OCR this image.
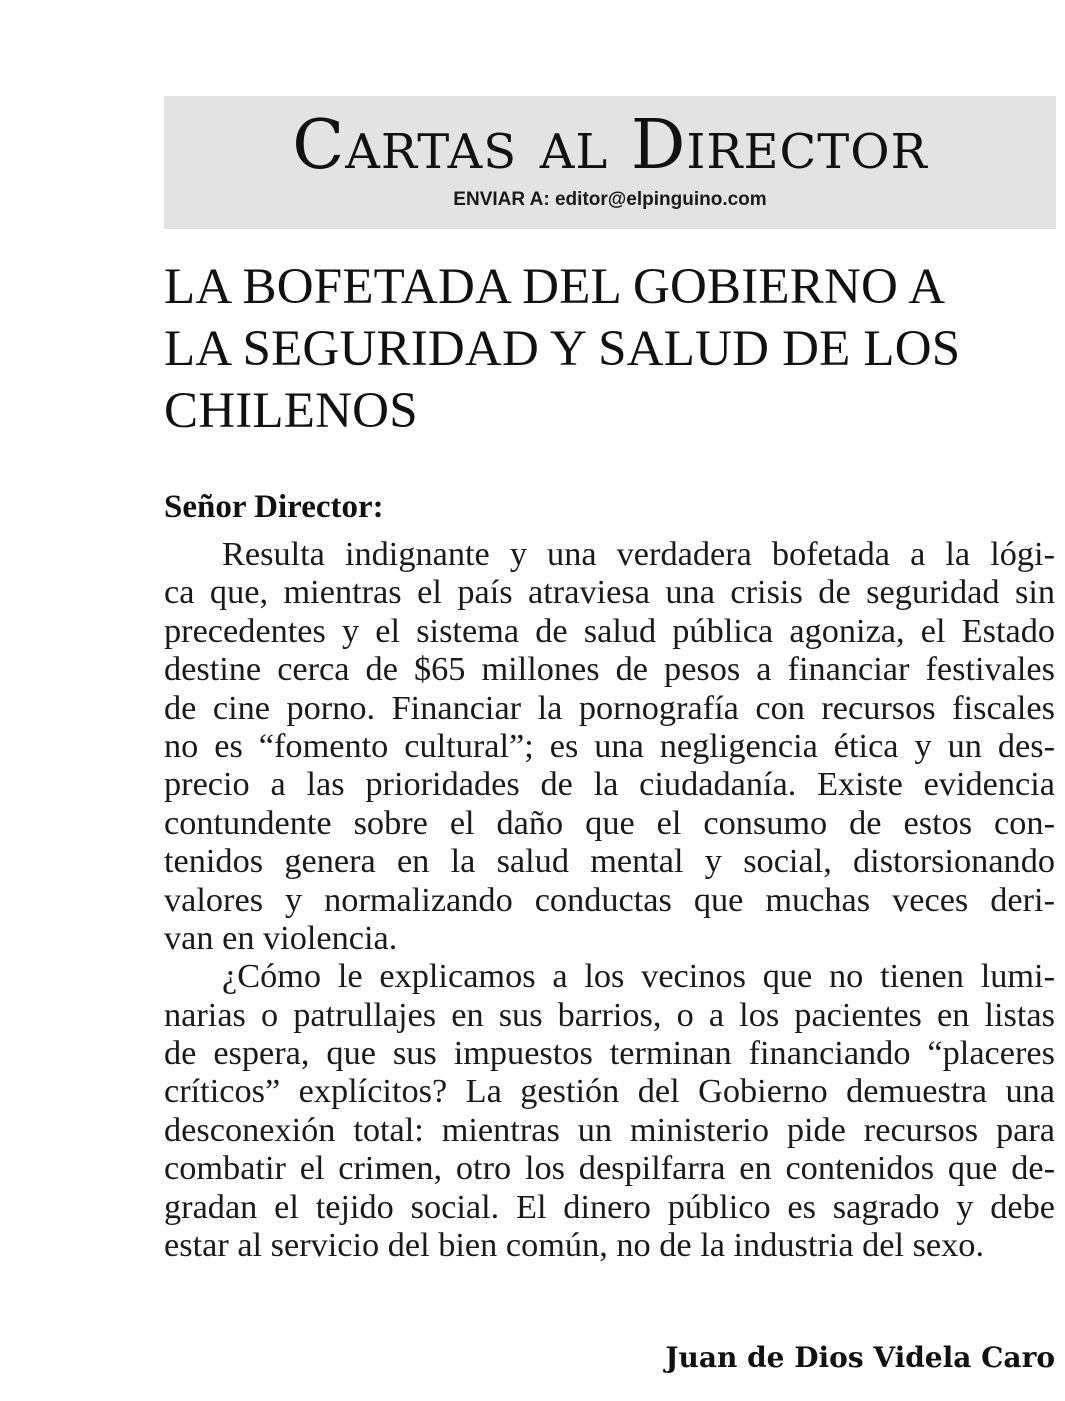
Cartas al Director
ENVIAR A: editor@elpinguino.com
LA BOFETADA DEL GOBIERNO A
LA SEGURIDAD Y SALUD DE LOS
CHILENOS
Señor Director:
Resulta indignante y una verdadera bofetada a la lógi-
ca que, mientras el país atraviesa una crisis de seguridad sin
precedentes y el sistema de salud pública agoniza, el Estado
destine cerca de $65 millones de pesos a financiar festivales
de cine porno. Financiar la pornografía con recursos fiscales
no es “fomento cultural”; es una negligencia ética y un des-
precio a las prioridades de la ciudadanía. Existe evidencia
contundente sobre el daño que el consumo de estos con-
tenidos genera en la salud mental y social, distorsionando
valores y normalizando conductas que muchas veces deri-
van en violencia.
¿Cómo le explicamos a los vecinos que no tienen lumi-
narias o patrullajes en sus barrios, o a los pacientes en listas
de espera, que sus impuestos terminan financiando “placeres
críticos” explícitos? La gestión del Gobierno demuestra una
desconexión total: mientras un ministerio pide recursos para
combatir el crimen, otro los despilfarra en contenidos que de-
gradan el tejido social. El dinero público es sagrado y debe
estar al servicio del bien común, no de la industria del sexo.
Juan de Dios Videla Caro
